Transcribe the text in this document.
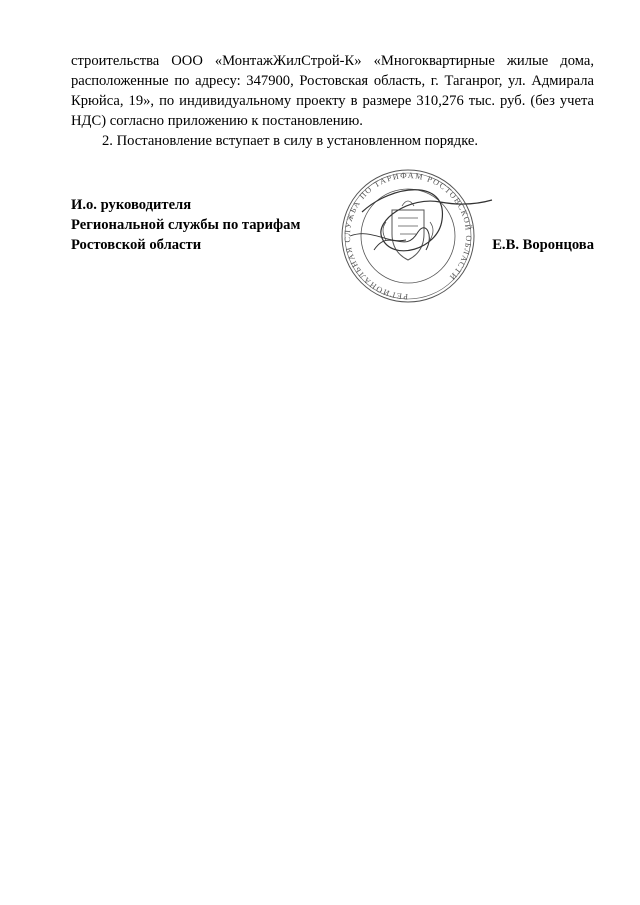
строительства ООО «МонтажЖилСтрой-К» «Многоквартирные жилые дома, расположенные по адресу: 347900, Ростовская область, г. Таганрог, ул. Адмирала Крюйса, 19», по индивидуальному проекту в размере 310,276 тыс. руб. (без учета НДС) согласно приложению к постановлению.

2. Постановление вступает в силу в установленном порядке.

И.о. руководителя
Региональной службы по тарифам
Ростовской области
РЕГИОНАЛЬНАЯ СЛУЖБА ПО ТАРИФАМ РОСТОВСКОЙ ОБЛАСТИ
Е.В. Воронцова
